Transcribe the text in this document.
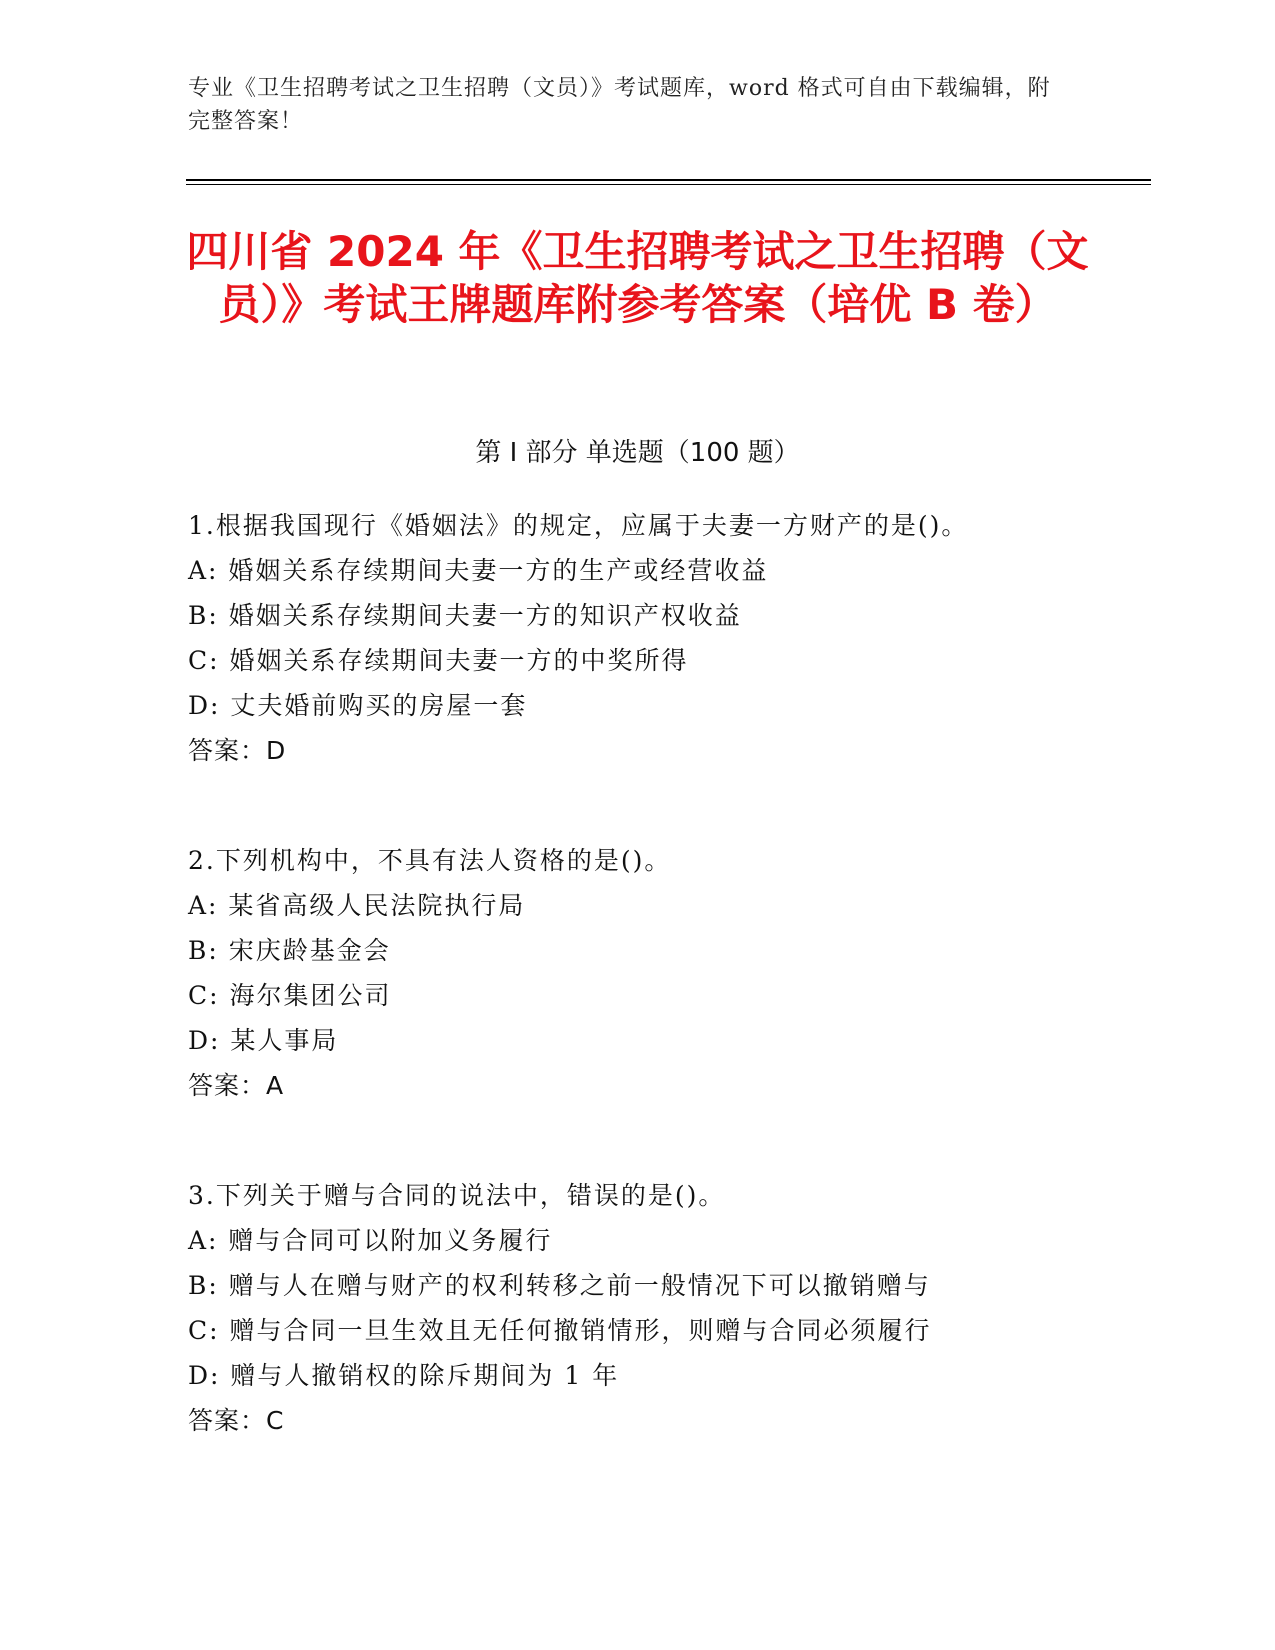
专业《卫生招聘考试之卫生招聘（文员）》考试题库，word 格式可自由下载编辑，附完整答案！
四川省 2024 年《卫生招聘考试之卫生招聘（文员）》考试王牌题库附参考答案（培优 B 卷）
第 I 部分 单选题（100 题）
1.根据我国现行《婚姻法》的规定，应属于夫妻一方财产的是()。
A: 婚姻关系存续期间夫妻一方的生产或经营收益
B: 婚姻关系存续期间夫妻一方的知识产权收益
C: 婚姻关系存续期间夫妻一方的中奖所得
D: 丈夫婚前购买的房屋一套
答案：D
2.下列机构中，不具有法人资格的是()。
A: 某省高级人民法院执行局
B: 宋庆龄基金会
C: 海尔集团公司
D: 某人事局
答案：A
3.下列关于赠与合同的说法中，错误的是()。
A: 赠与合同可以附加义务履行
B: 赠与人在赠与财产的权利转移之前一般情况下可以撤销赠与
C: 赠与合同一旦生效且无任何撤销情形，则赠与合同必须履行
D: 赠与人撤销权的除斥期间为 1 年
答案：C
